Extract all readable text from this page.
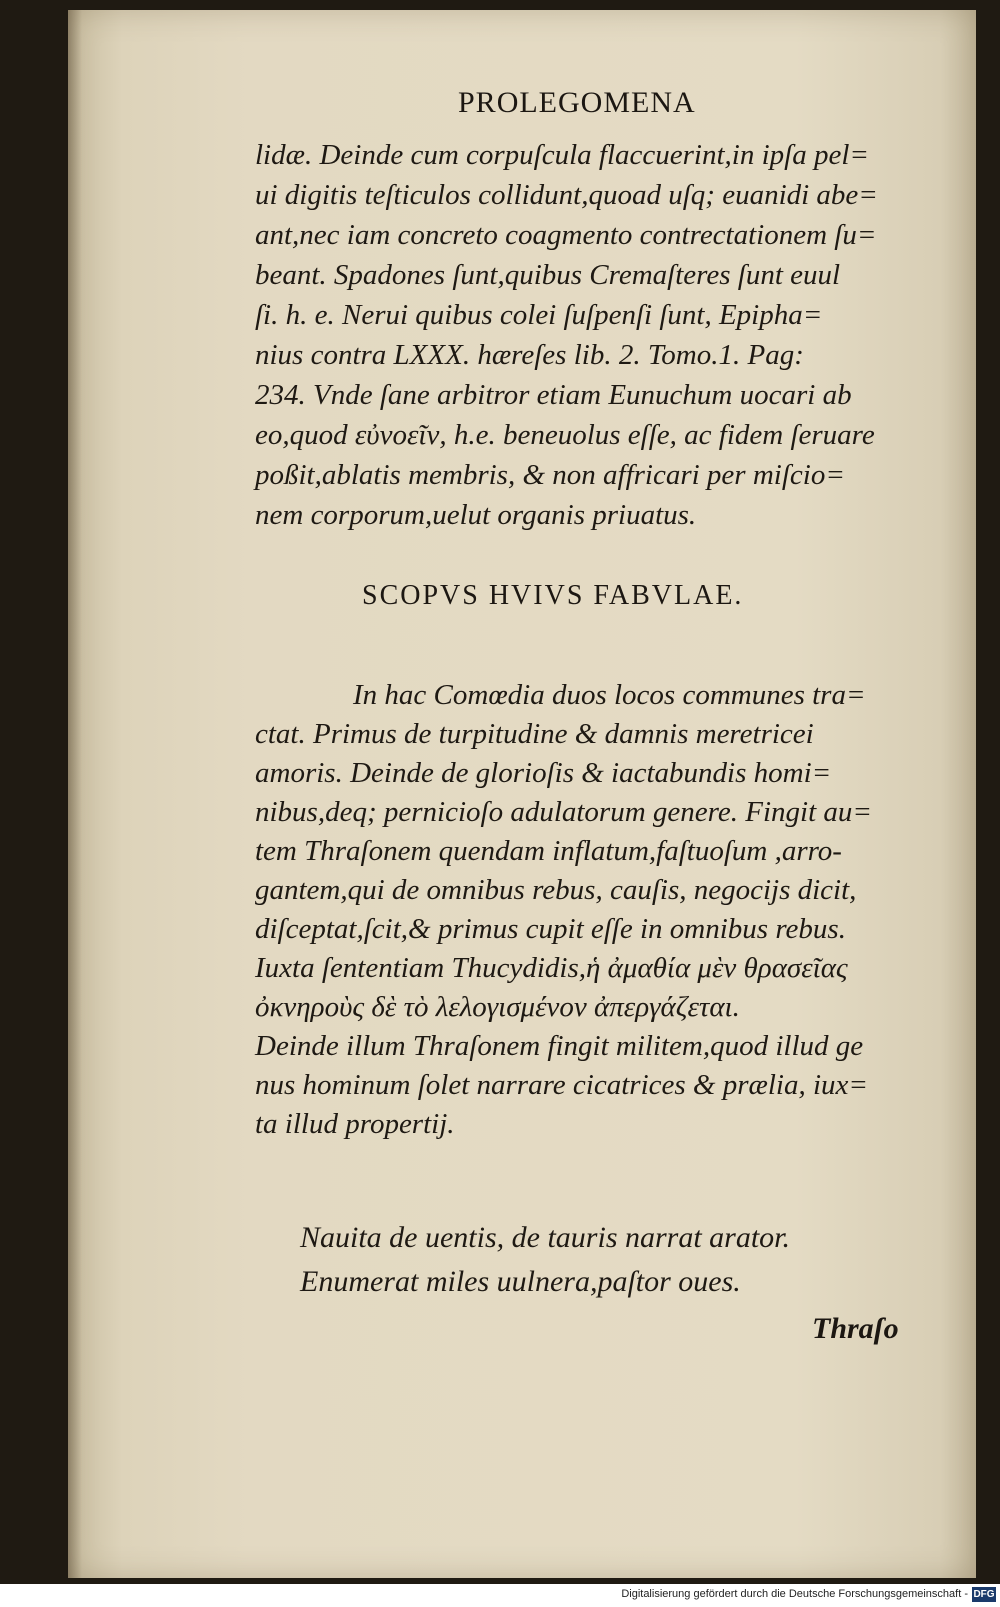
PROLEGOMENA
lidæ. Deinde cum corpuſcula flaccuerint,in ipſa pel=
ui digitis teſticulos collidunt,quoad uſq; euanidi abe=
ant,nec iam concreto coagmento contrectationem ſu=
beant. Spadones ſunt,quibus Cremaſteres ſunt euul
ſi. h. e. Nerui quibus colei ſuſpenſi ſunt, Epipha=
nius contra LXXX. hæreſes lib. 2. Tomo.1. Pag:
234. Vnde ſane arbitror etiam Eunuchum uocari ab
eo,quod εὐνοεῖν, h.e. beneuolus eſſe, ac fidem ſeruare
poßit,ablatis membris, & non affricari per miſcio=
nem corporum,uelut organis priuatus.
SCOPVS HVIVS FABVLAE.
In hac Comœdia duos locos communes tra=
ctat. Primus de turpitudine & damnis meretricei
amoris. Deinde de glorioſis & iactabundis homi=
nibus,deq; pernicioſo adulatorum genere. Fingit au=
tem Thraſonem quendam inflatum,faſtuoſum ,arro-
gantem,qui de omnibus rebus, cauſis, negocijs dicit,
diſceptat,ſcit,& primus cupit eſſe in omnibus rebus.
Iuxta ſententiam Thucydidis,ἡ ἀμαθία μὲν θρασεῖας
ὀκνηροὺς δὲ τὸ λελογισμένον ἀπεργάζεται.
Deinde illum Thraſonem fingit militem,quod illud ge
nus hominum ſolet narrare cicatrices & prælia, iux=
ta illud propertij.
Nauita de uentis, de tauris narrat arator.
Enumerat miles uulnera,paſtor oues.
Thraſo
Digitalisierung gefördert durch die Deutsche Forschungsgemeinschaft - DFG
